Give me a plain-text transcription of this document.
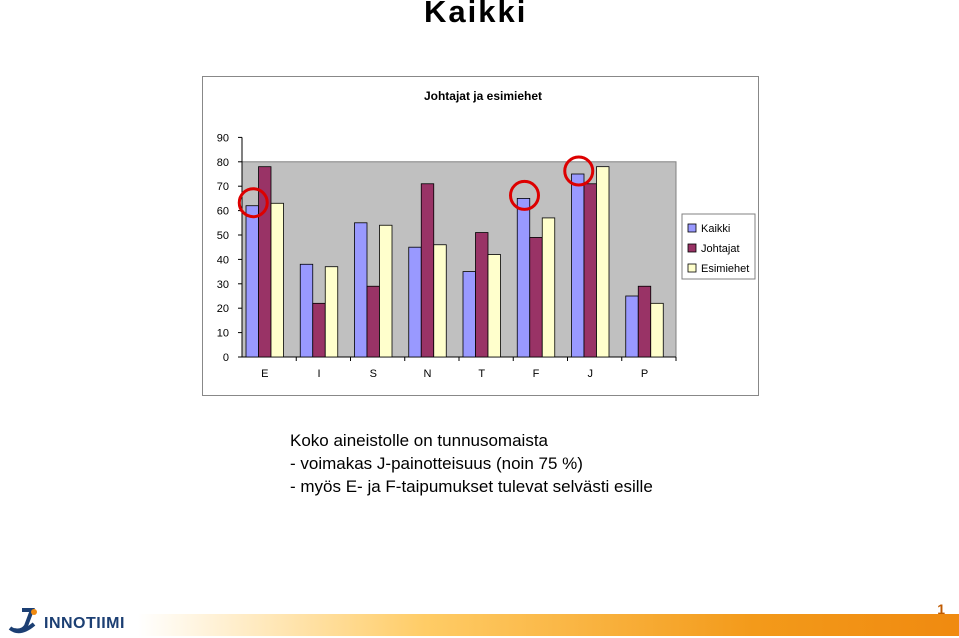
Kaikki
Johtajat ja esimiehet
0
10
20
30
40
50
60
70
80
90
E	I	S	N	T	F	J	P
Kaikki
Johtajat
Esimiehet
Koko aineistolle on tunnusomaista
- voimakas J-painotteisuus (noin 75 %)
- myös E- ja F-taipumukset tulevat selvästi esille
INNOTIIMI
1
